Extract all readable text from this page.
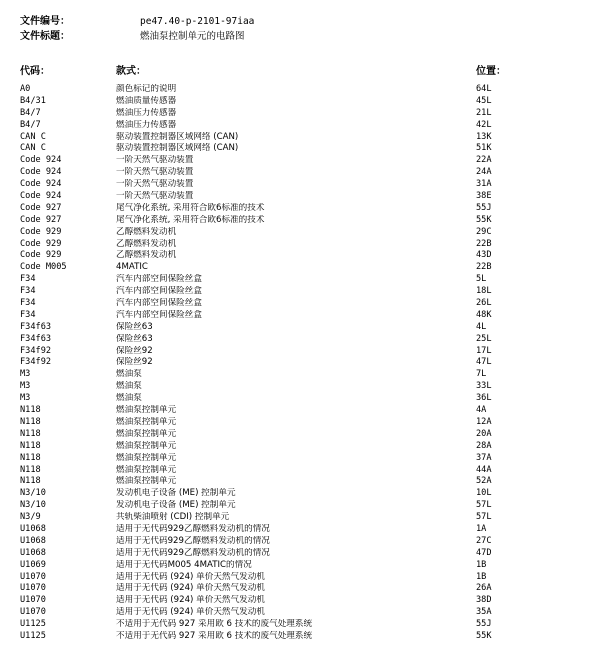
文件编号：	pe47.40-p-2101-97iaa
文件标题：	燃油泵控制单元的电路图
代码：	款式：	位置：
A0	颜色标记的说明	64L
B4/31	燃油质量传感器	45L
B4/7	燃油压力传感器	21L
B4/7	燃油压力传感器	42L
CAN C	驱动装置控制器区域网络 (CAN)	13K
CAN C	驱动装置控制器区域网络 (CAN)	51K
Code 924	一阶天然气驱动装置	22A
Code 924	一阶天然气驱动装置	24A
Code 924	一阶天然气驱动装置	31A
Code 924	一阶天然气驱动装置	38E
Code 927	尾气净化系统, 采用符合欧6标准的技术	55J
Code 927	尾气净化系统, 采用符合欧6标准的技术	55K
Code 929	乙醇燃料发动机	29C
Code 929	乙醇燃料发动机	22B
Code 929	乙醇燃料发动机	43D
Code M005	4MATIC	22B
F34	汽车内部空间保险丝盒	5L
F34	汽车内部空间保险丝盒	18L
F34	汽车内部空间保险丝盒	26L
F34	汽车内部空间保险丝盒	48K
F34f63	保险丝63	4L
F34f63	保险丝63	25L
F34f92	保险丝92	17L
F34f92	保险丝92	47L
M3	燃油泵	7L
M3	燃油泵	33L
M3	燃油泵	36L
N118	燃油泵控制单元	4A
N118	燃油泵控制单元	12A
N118	燃油泵控制单元	20A
N118	燃油泵控制单元	28A
N118	燃油泵控制单元	37A
N118	燃油泵控制单元	44A
N118	燃油泵控制单元	52A
N3/10	发动机电子设备 (ME) 控制单元	10L
N3/10	发动机电子设备 (ME) 控制单元	57L
N3/9	共轨柴油喷射 (CDI) 控制单元	57L
U1068	适用于无代码929乙醇燃料发动机的情况	1A
U1068	适用于无代码929乙醇燃料发动机的情况	27C
U1068	适用于无代码929乙醇燃料发动机的情况	47D
U1069	适用于无代码M005 4MATIC的情况	1B
U1070	适用于无代码 (924) 单价天然气发动机	1B
U1070	适用于无代码 (924) 单价天然气发动机	26A
U1070	适用于无代码 (924) 单价天然气发动机	38D
U1070	适用于无代码 (924) 单价天然气发动机	35A
U1125	不适用于无代码 927 采用欧 6 技术的废气处理系统	55J
U1125	不适用于无代码 927 采用欧 6 技术的废气处理系统	55K
